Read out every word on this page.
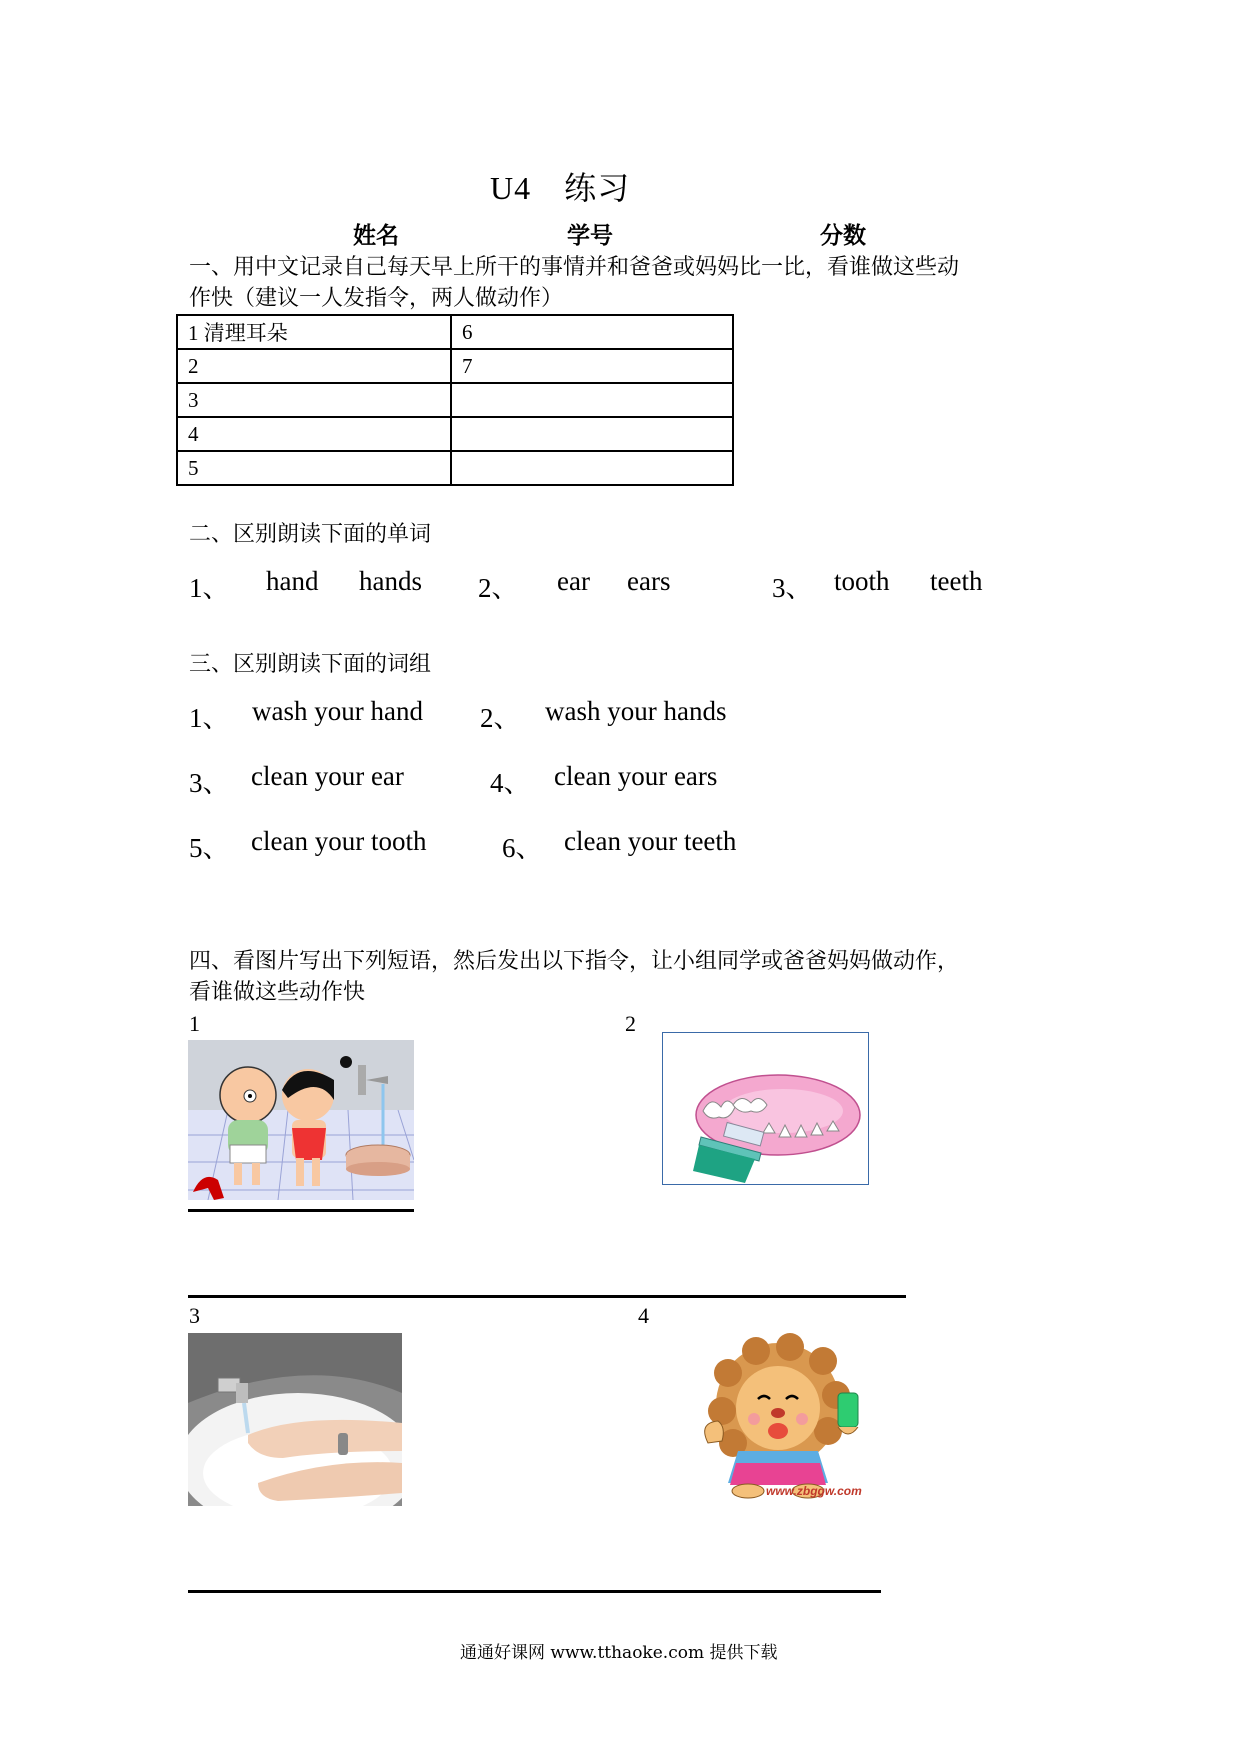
U4　练习
姓名	学号	分数
一、用中文记录自己每天早上所干的事情并和爸爸或妈妈比一比，看谁做这些动
作快（建议一人发指令，两人做动作）
1 清理耳朵	6
2	7
3	
4	
5	
二、区别朗读下面的单词
1、 hand hands 2、 ear ears	3、 tooth teeth
三、区别朗读下面的词组
1、 wash your hand 2、 wash your hands
3、 clean your ear	4、 clean your ears
5、 clean your tooth	6、 clean your teeth
四、看图片写出下列短语，然后发出以下指令，让小组同学或爸爸妈妈做动作，
看谁做这些动作快
1	2
3	4
www.zbggw.com
通通好课网 www.tthaoke.com 提供下载
